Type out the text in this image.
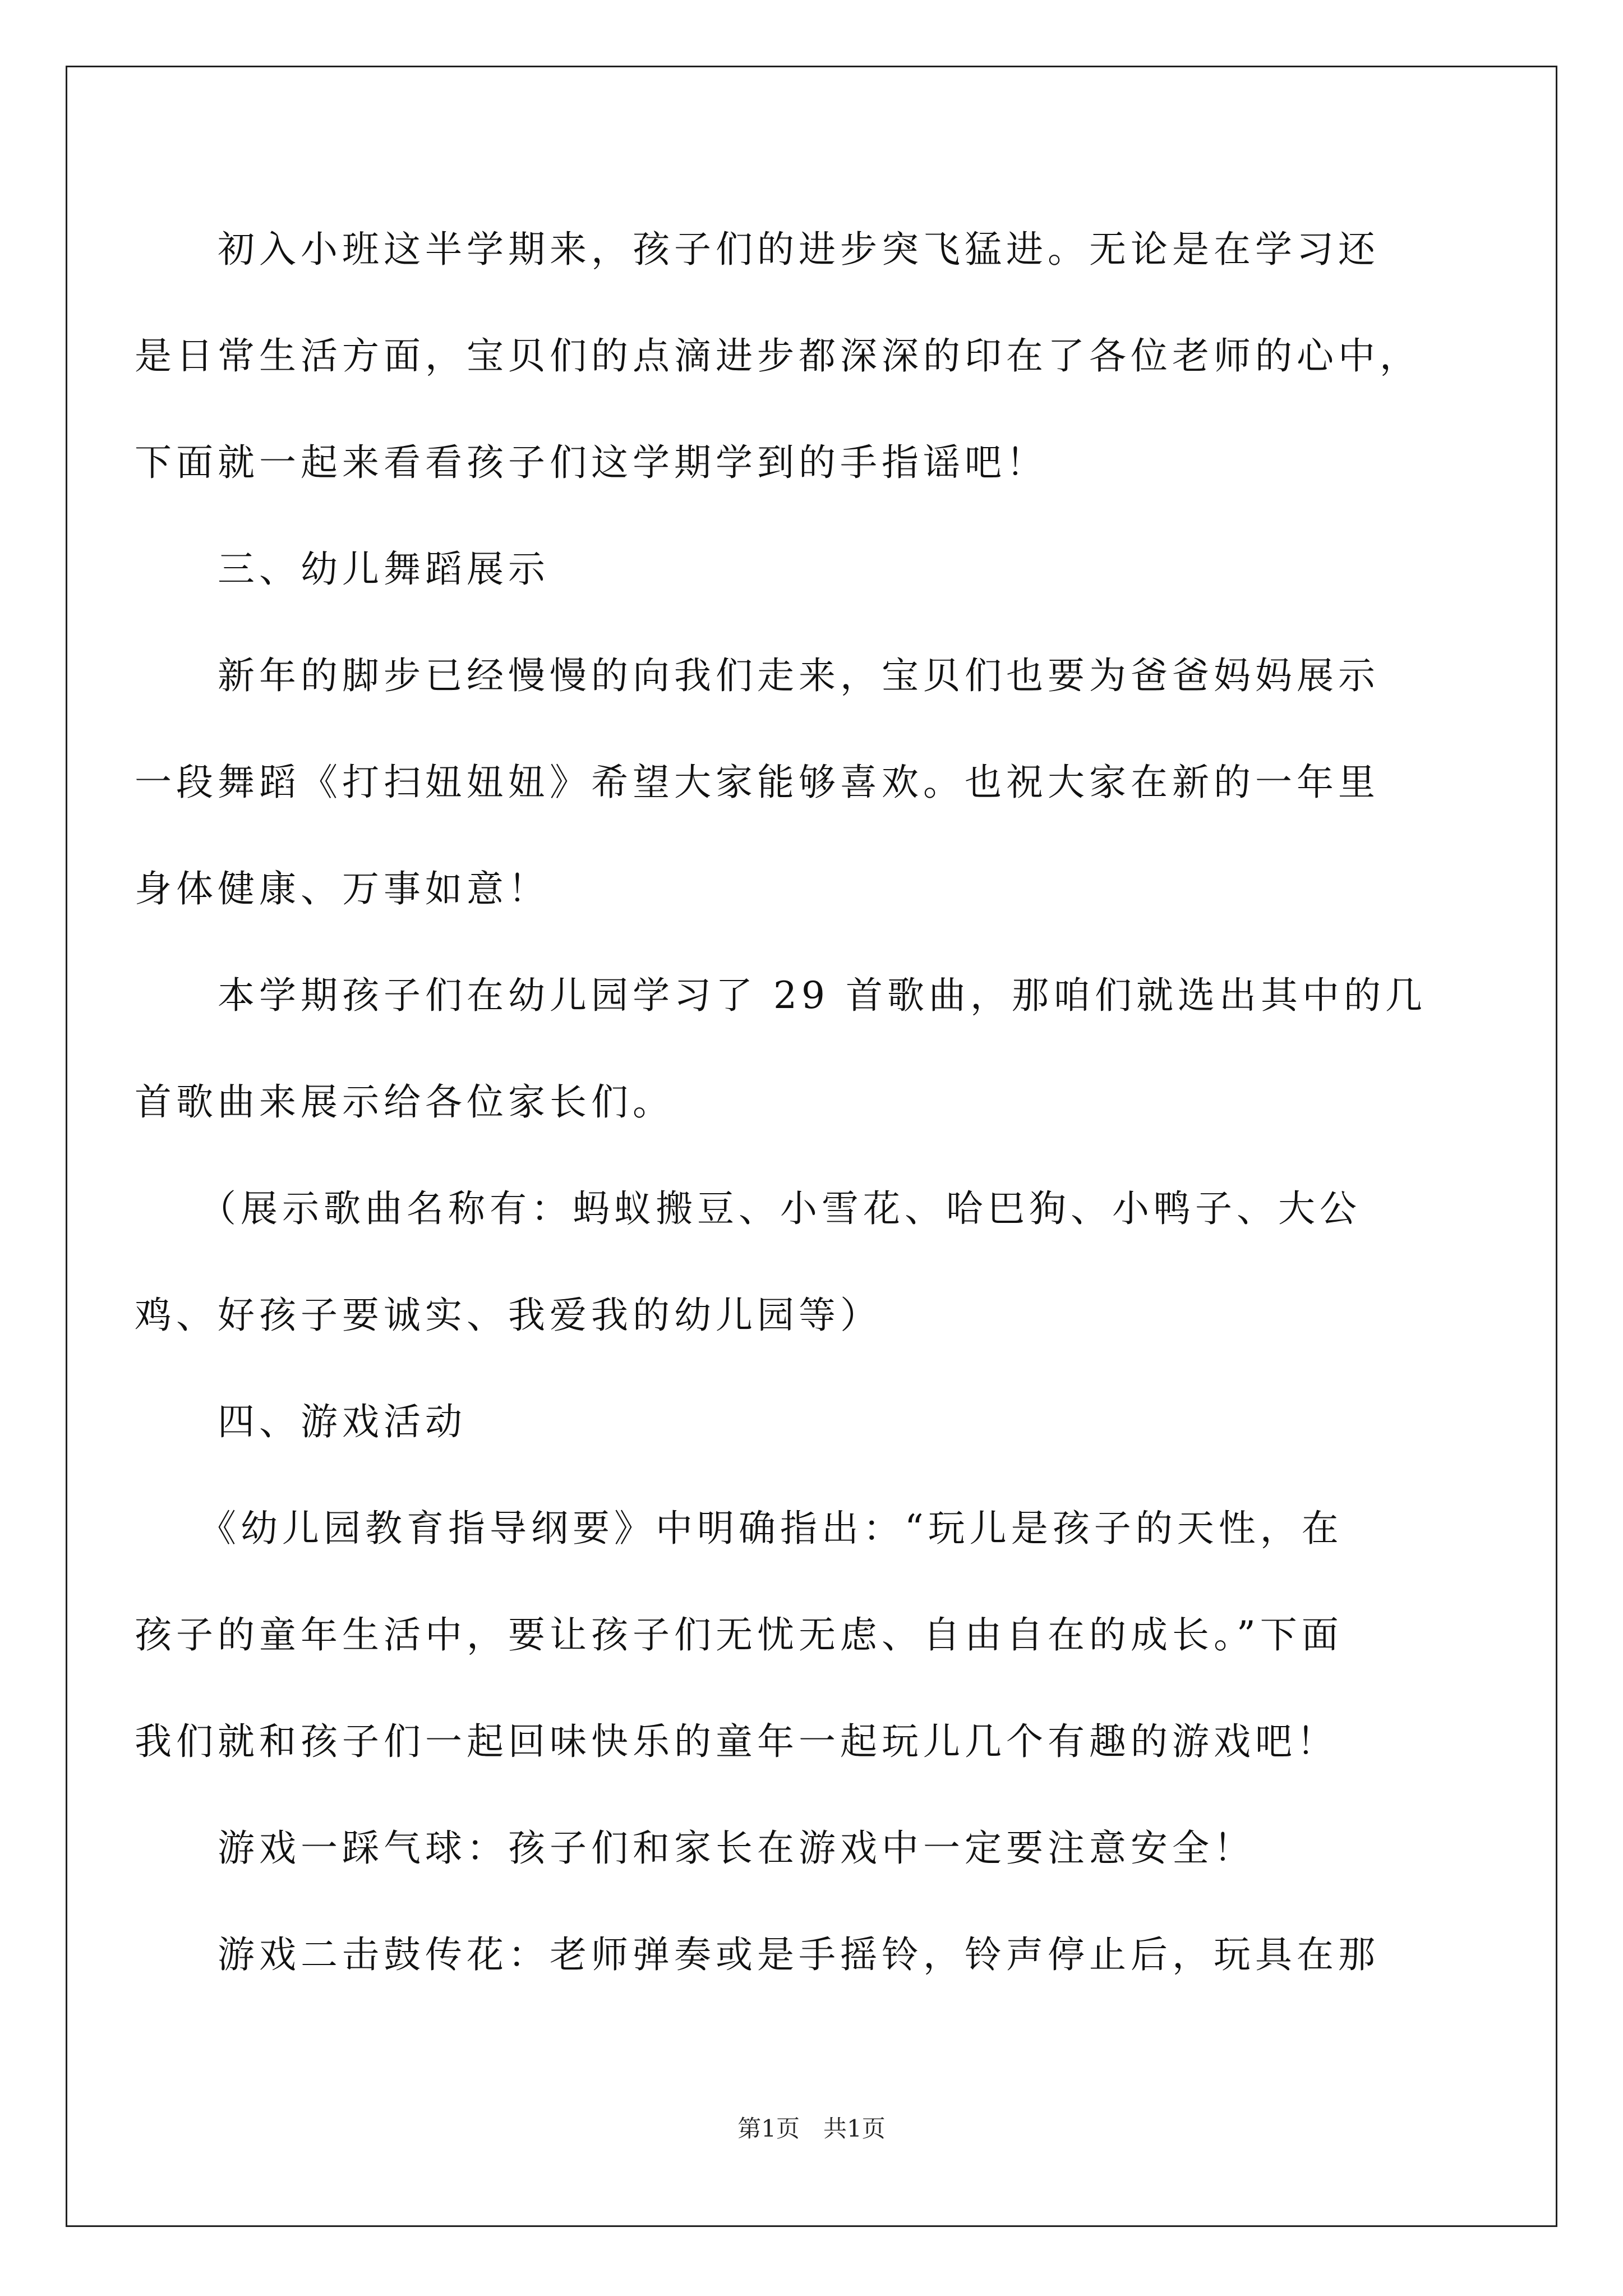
　　初入小班这半学期来，孩子们的进步突飞猛进。无论是在学习还
是日常生活方面，宝贝们的点滴进步都深深的印在了各位老师的心中，
下面就一起来看看孩子们这学期学到的手指谣吧！
　　三、幼儿舞蹈展示
　　新年的脚步已经慢慢的向我们走来，宝贝们也要为爸爸妈妈展示
一段舞蹈《打扫妞妞妞》希望大家能够喜欢。也祝大家在新的一年里
身体健康、万事如意！
　　本学期孩子们在幼儿园学习了 29 首歌曲，那咱们就选出其中的几
首歌曲来展示给各位家长们。
　　（展示歌曲名称有：蚂蚁搬豆、小雪花、哈巴狗、小鸭子、大公
鸡、好孩子要诚实、我爱我的幼儿园等）
　　四、游戏活动
　　《幼儿园教育指导纲要》中明确指出：“玩儿是孩子的天性，在
孩子的童年生活中，要让孩子们无忧无虑、自由自在的成长。”下面
我们就和孩子们一起回味快乐的童年一起玩儿几个有趣的游戏吧！
　　游戏一踩气球：孩子们和家长在游戏中一定要注意安全！
　　游戏二击鼓传花：老师弹奏或是手摇铃，铃声停止后，玩具在那
第1页　共1页
